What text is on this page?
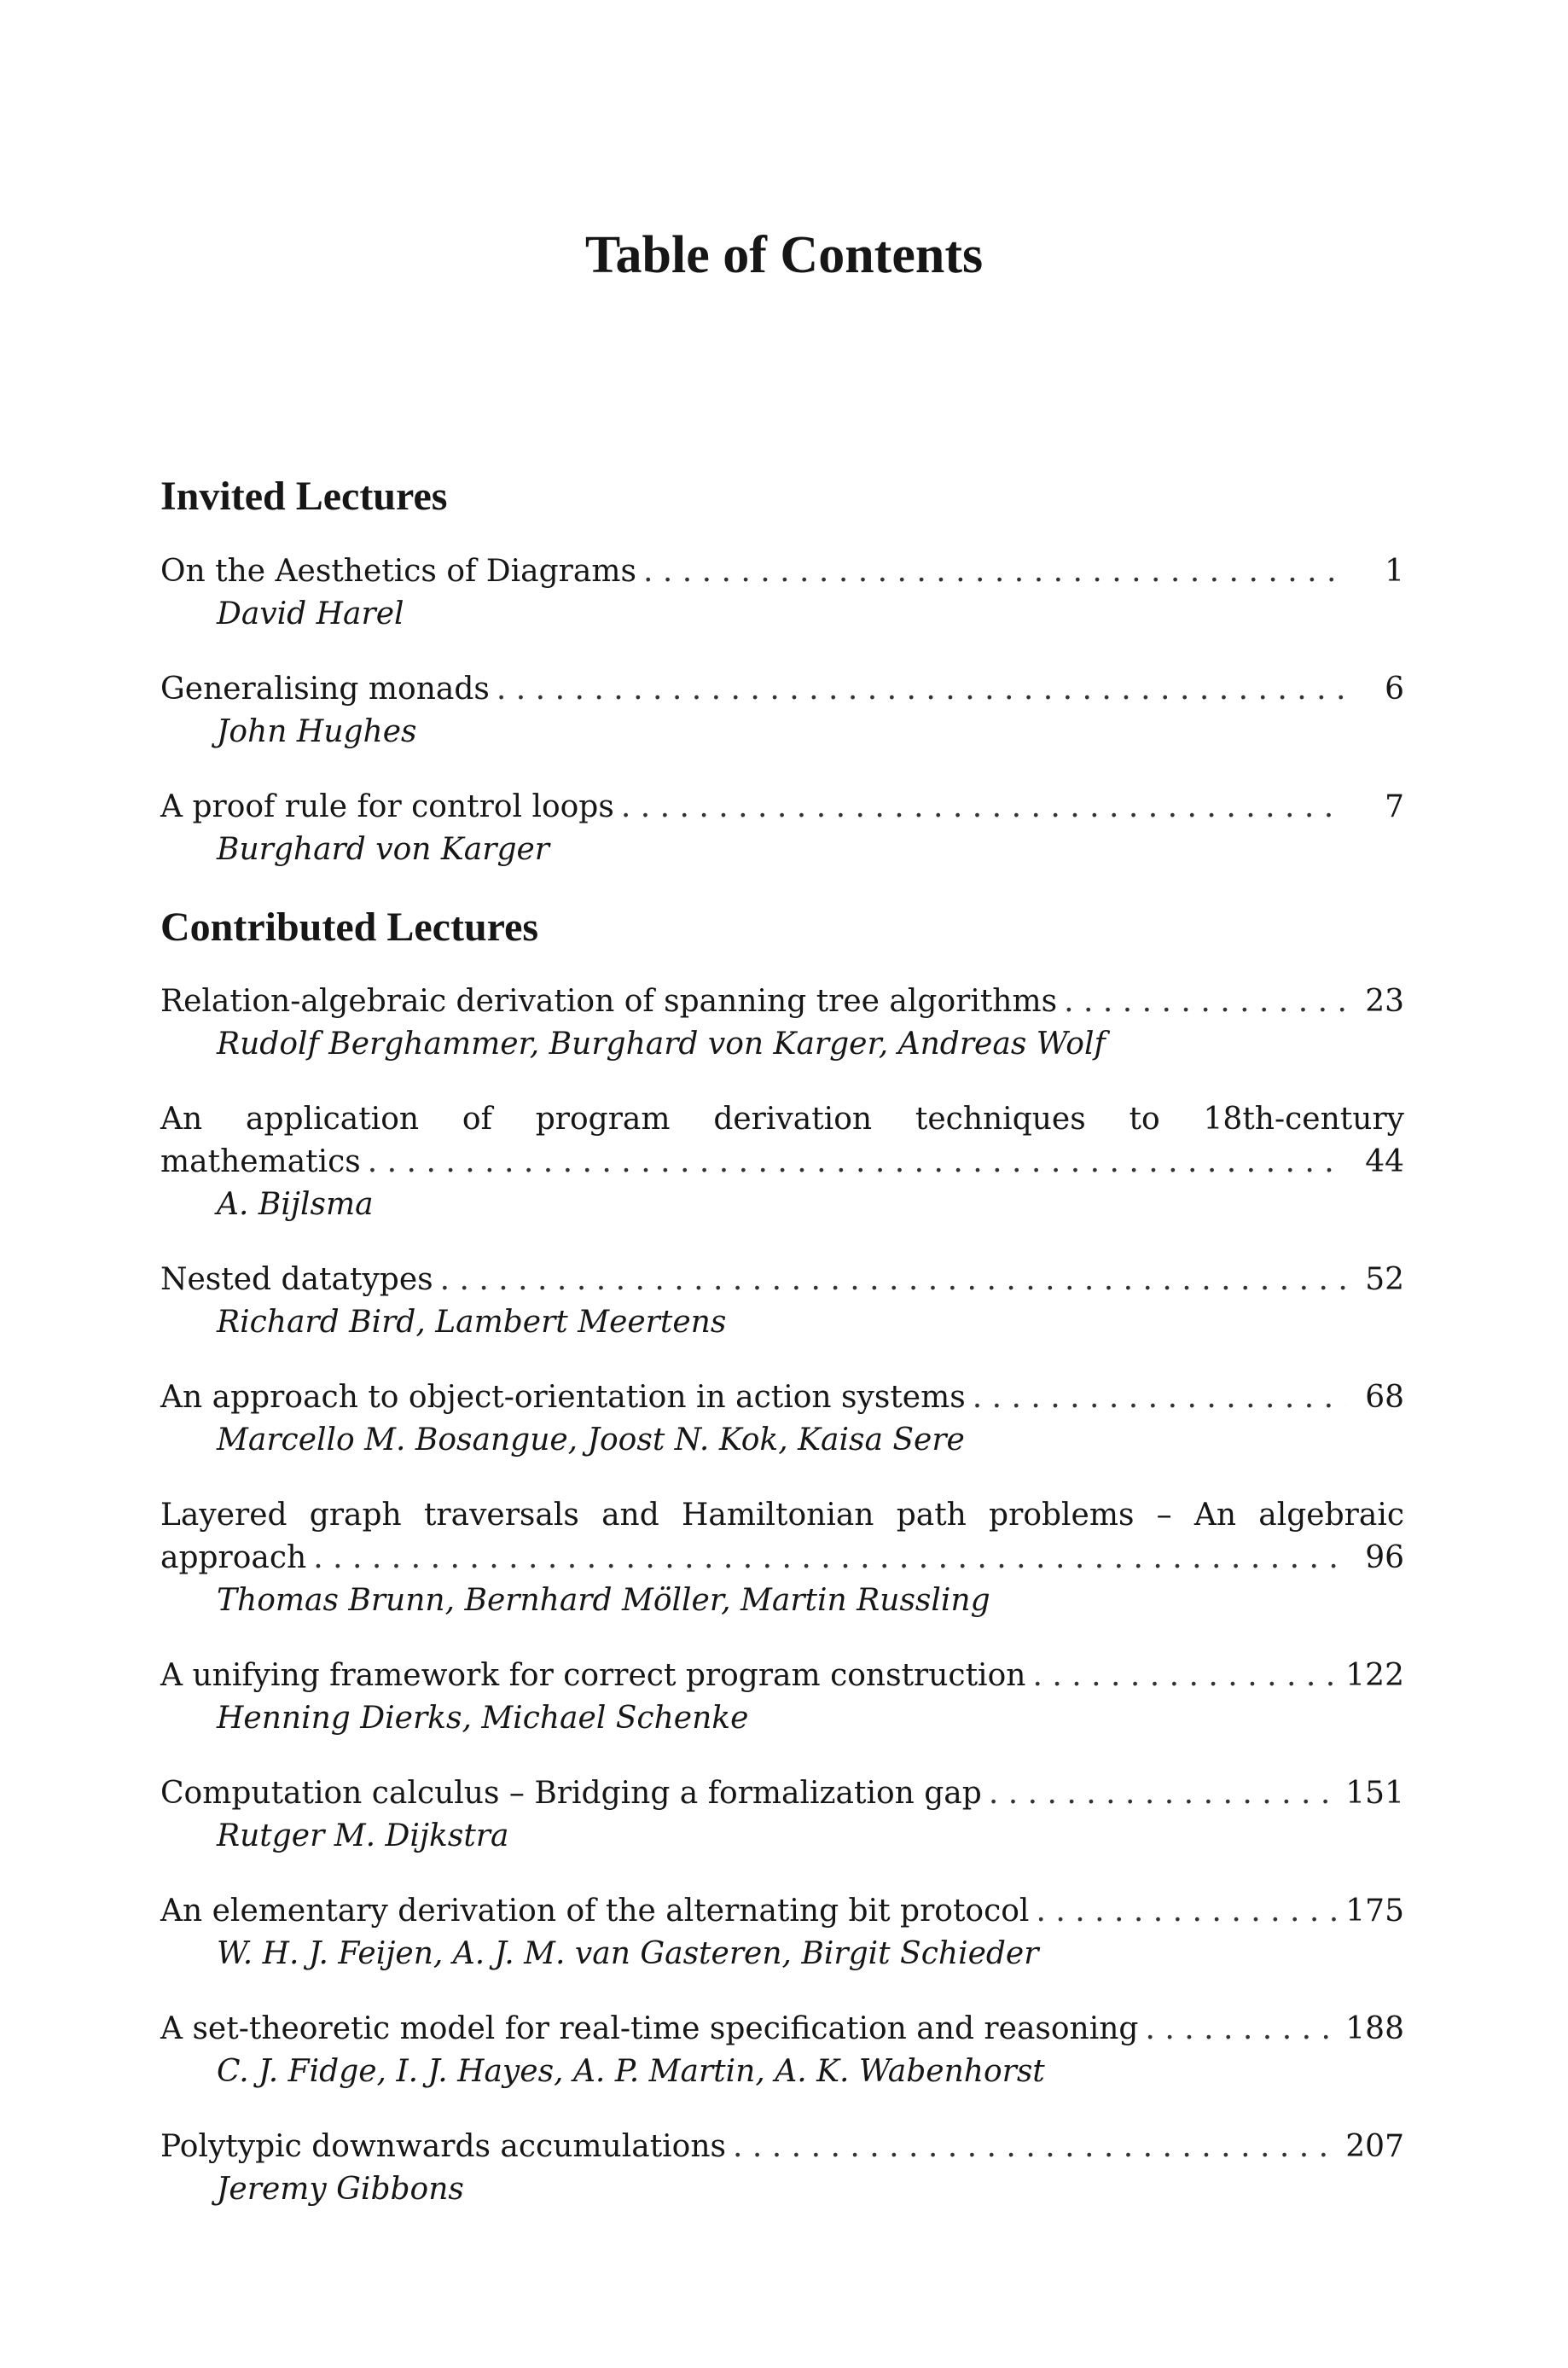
Table of Contents
Invited Lectures
On the Aesthetics of Diagrams . . .	1
David Harel
Generalising monads . . .	6
John Hughes
A proof rule for control loops . . .	7
Burghard von Karger
Contributed Lectures
Relation-algebraic derivation of spanning tree algorithms . . .	23
Rudolf Berghammer, Burghard von Karger, Andreas Wolf
An application of program derivation techniques to 18th-century
mathematics . . .	44
A. Bijlsma
Nested datatypes . . .	52
Richard Bird, Lambert Meertens
An approach to object-orientation in action systems . . .	68
Marcello M. Bosangue, Joost N. Kok, Kaisa Sere
Layered graph traversals and Hamiltonian path problems – An algebraic
approach . . .	96
Thomas Brunn, Bernhard Möller, Martin Russling
A unifying framework for correct program construction . . .	122
Henning Dierks, Michael Schenke
Computation calculus – Bridging a formalization gap . . .	151
Rutger M. Dijkstra
An elementary derivation of the alternating bit protocol . . .	175
W. H. J. Feijen, A. J. M. van Gasteren, Birgit Schieder
A set-theoretic model for real-time specification and reasoning . . .	188
C. J. Fidge, I. J. Hayes, A. P. Martin, A. K. Wabenhorst
Polytypic downwards accumulations . . .	207
Jeremy Gibbons
